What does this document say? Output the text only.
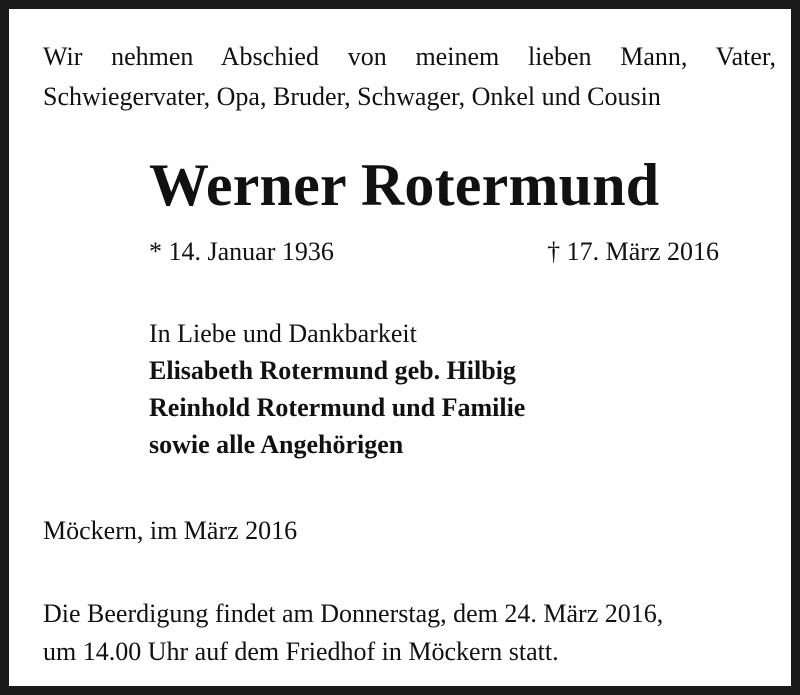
Wir nehmen Abschied von meinem lieben Mann, Vater,
Schwiegervater, Opa, Bruder, Schwager, Onkel und Cousin
Werner Rotermund
* 14. Januar 1936	† 17. März 2016
In Liebe und Dankbarkeit
Elisabeth Rotermund geb. Hilbig
Reinhold Rotermund und Familie
sowie alle Angehörigen
Möckern, im März 2016
Die Beerdigung findet am Donnerstag, dem 24. März 2016,
um 14.00 Uhr auf dem Friedhof in Möckern statt.
